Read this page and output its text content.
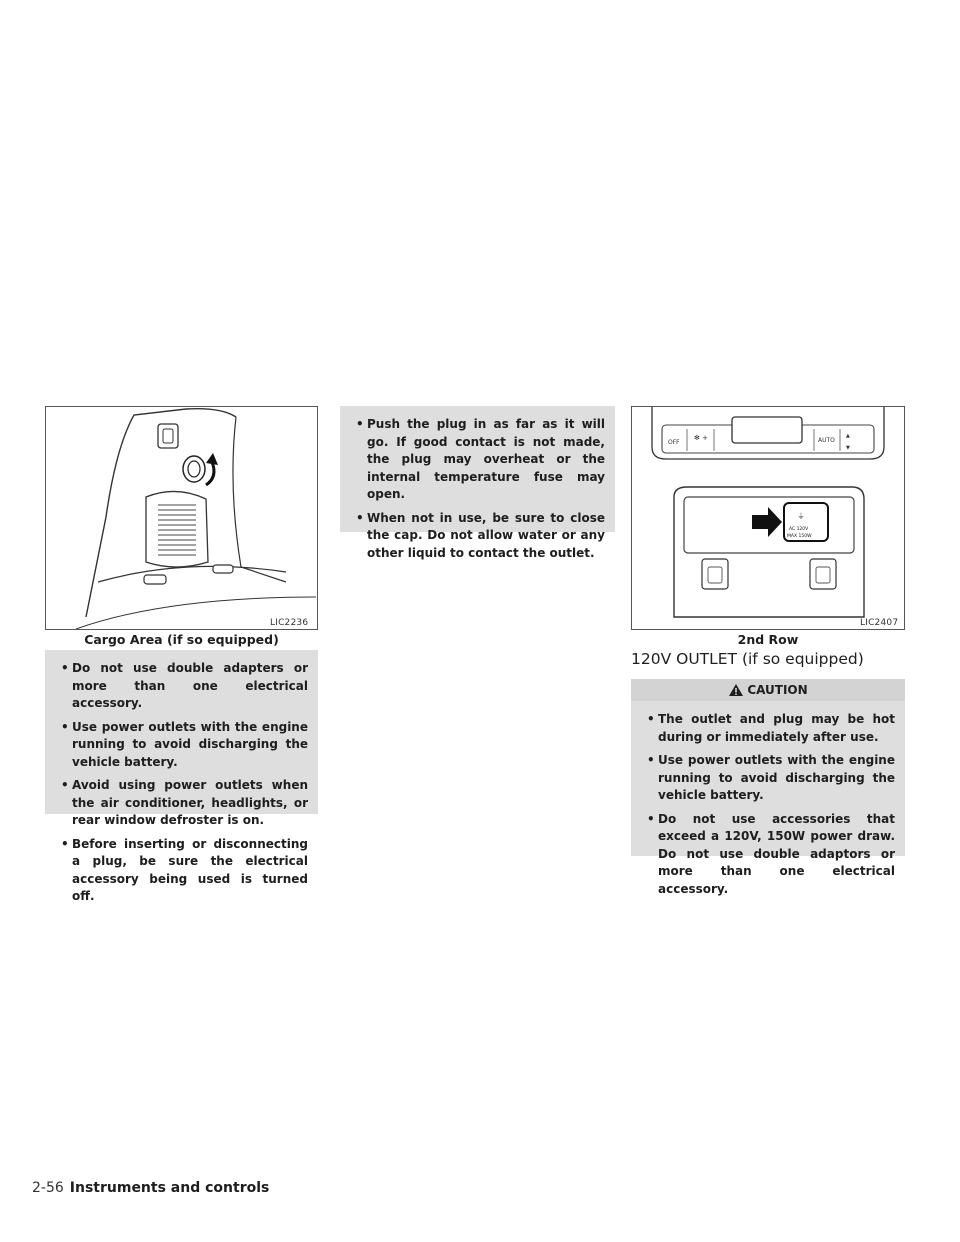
LIC2236
Cargo Area (if so equipped)
• Do not use double adapters or more than one electrical accessory.
• Use power outlets with the engine running to avoid discharging the vehicle battery.
• Avoid using power outlets when the air conditioner, headlights, or rear window defroster is on.
• Before inserting or disconnecting a plug, be sure the electrical accessory being used is turned off.
• Push the plug in as far as it will go. If good contact is not made, the plug may overheat or the internal temperature fuse may open.
• When not in use, be sure to close the cap. Do not allow water or any other liquid to contact the outlet.
OFF
✻ +	AUTO
▲
▼
⏚
AC 120V
MAX 150W
LIC2407
2nd Row
120V OUTLET (if so equipped)
CAUTION
• The outlet and plug may be hot during or immediately after use.
• Use power outlets with the engine running to avoid discharging the vehicle battery.
• Do not use accessories that exceed a 120V, 150W power draw. Do not use double adaptors or more than one electrical accessory.
2-56 Instruments and controls
